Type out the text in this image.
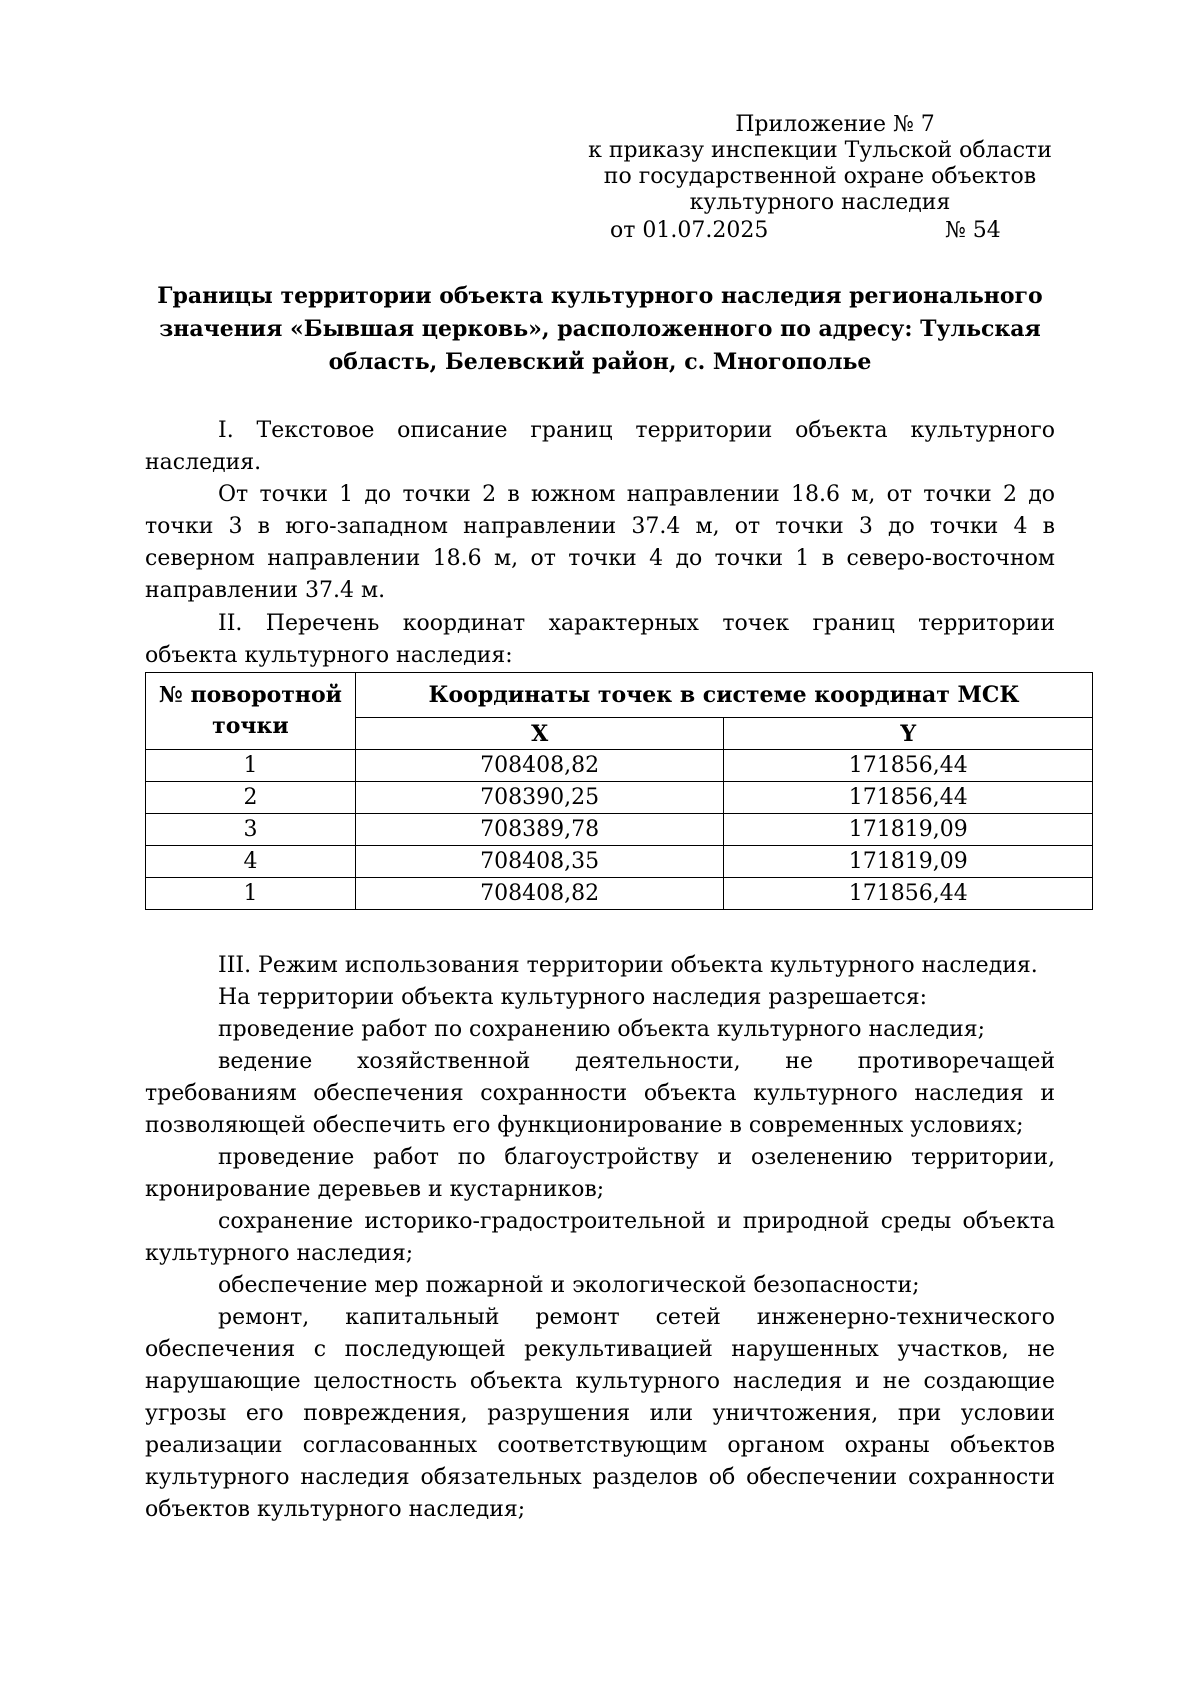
Приложение № 7
к приказу инспекции Тульской области
по государственной охране объектов
культурного наследия
от 01.07.2025	№ 54
Границы территории объекта культурного наследия регионального
значения «Бывшая церковь», расположенного по адресу: Тульская
область, Белевский район, с. Многополье

I. Текстовое описание границ территории объекта культурного наследия.

От точки 1 до точки 2 в южном направлении 18.6 м, от точки 2 до точки 3 в юго-западном направлении 37.4 м, от точки 3 до точки 4 в северном направлении 18.6 м, от точки 4 до точки 1 в северо-восточном направлении 37.4 м.

II. Перечень координат характерных точек границ территории объекта культурного наследия:

№ поворотной точки	Координаты точек в системе координат МСК	
	X	Y
1	708408,82	171856,44
2	708390,25	171856,44
3	708389,78	171819,09
4	708408,35	171819,09
1	708408,82	171856,44

III. Режим использования территории объекта культурного наследия.

На территории объекта культурного наследия разрешается:

проведение работ по сохранению объекта культурного наследия;

ведение хозяйственной деятельности, не противоречащей требованиям обеспечения сохранности объекта культурного наследия и позволяющей обеспечить его функционирование в современных условиях;

проведение работ по благоустройству и озеленению территории, кронирование деревьев и кустарников;

сохранение историко-градостроительной и природной среды объекта культурного наследия;

обеспечение мер пожарной и экологической безопасности;

ремонт, капитальный ремонт сетей инженерно-технического обеспечения с последующей рекультивацией нарушенных участков, не нарушающие целостность объекта культурного наследия и не создающие угрозы его повреждения, разрушения или уничтожения, при условии реализации согласованных соответствующим органом охраны объектов культурного наследия обязательных разделов об обеспечении сохранности объектов культурного наследия;
